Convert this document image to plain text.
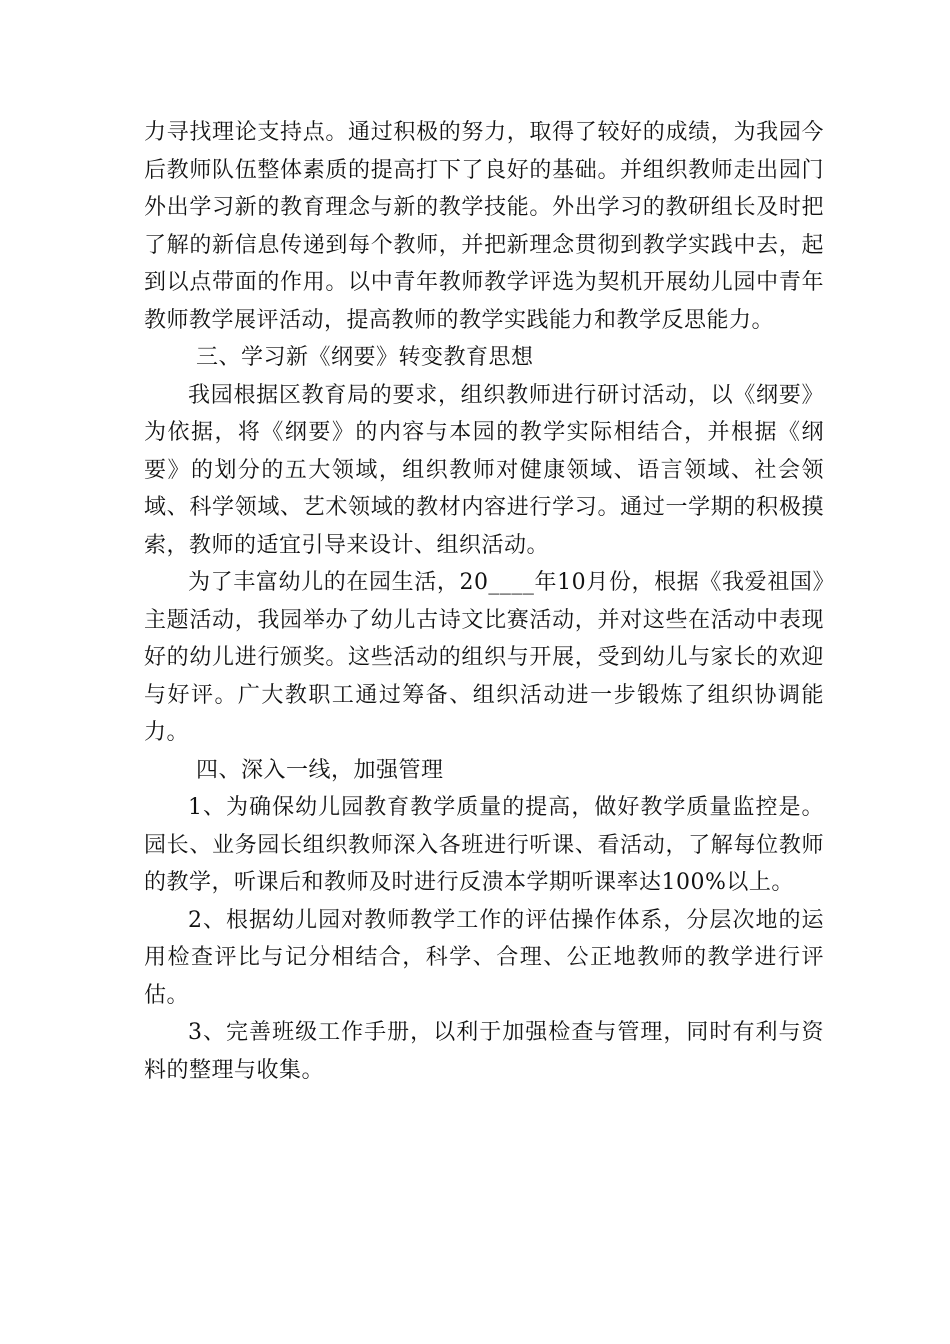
力寻找理论支持点。通过积极的努力，取得了较好的成绩，为我园今后教师队伍整体素质的提高打下了良好的基础。并组织教师走出园门外出学习新的教育理念与新的教学技能。外出学习的教研组长及时把了解的新信息传递到每个教师，并把新理念贯彻到教学实践中去，起到以点带面的作用。以中青年教师教学评选为契机开展幼儿园中青年教师教学展评活动，提高教师的教学实践能力和教学反思能力。

三、学习新《纲要》转变教育思想

我园根据区教育局的要求，组织教师进行研讨活动，以《纲要》为依据，将《纲要》的内容与本园的教学实际相结合，并根据《纲要》的划分的五大领域，组织教师对健康领域、语言领域、社会领域、科学领域、艺术领域的教材内容进行学习。通过一学期的积极摸索，教师的适宜引导来设计、组织活动。

为了丰富幼儿的在园生活，20____年10月份，根据《我爱祖国》主题活动，我园举办了幼儿古诗文比赛活动，并对这些在活动中表现好的幼儿进行颁奖。这些活动的组织与开展，受到幼儿与家长的欢迎与好评。广大教职工通过筹备、组织活动进一步锻炼了组织协调能力。

四、深入一线，加强管理

1、为确保幼儿园教育教学质量的提高，做好教学质量监控是。园长、业务园长组织教师深入各班进行听课、看活动，了解每位教师的教学，听课后和教师及时进行反溃本学期听课率达100%以上。

2、根据幼儿园对教师教学工作的评估操作体系，分层次地的运用检查评比与记分相结合，科学、合理、公正地教师的教学进行评估。

3、完善班级工作手册，以利于加强检查与管理，同时有利与资料的整理与收集。
